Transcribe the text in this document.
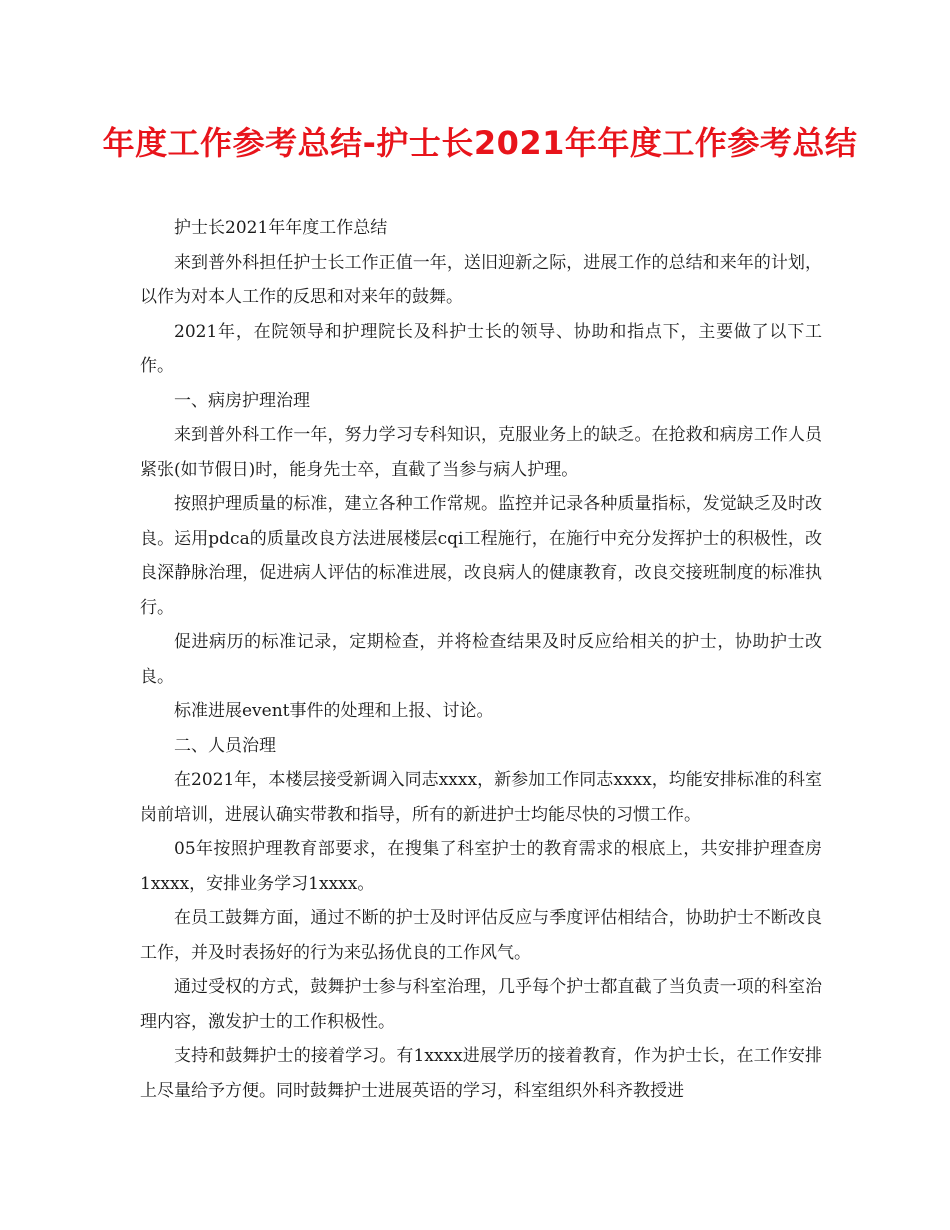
年度工作参考总结-护士长2021年年度工作参考总结

护士长2021年年度工作总结

来到普外科担任护士长工作正值一年，送旧迎新之际，进展工作的总结和来年的计划，以作为对本人工作的反思和对来年的鼓舞。

2021年，在院领导和护理院长及科护士长的领导、协助和指点下，主要做了以下工作。

一、病房护理治理

来到普外科工作一年，努力学习专科知识，克服业务上的缺乏。在抢救和病房工作人员紧张(如节假日)时，能身先士卒，直截了当参与病人护理。

按照护理质量的标准，建立各种工作常规。监控并记录各种质量指标，发觉缺乏及时改良。运用pdca的质量改良方法进展楼层cqi工程施行，在施行中充分发挥护士的积极性，改良深静脉治理，促进病人评估的标准进展，改良病人的健康教育，改良交接班制度的标准执行。

促进病历的标准记录，定期检查，并将检查结果及时反应给相关的护士，协助护士改良。

标准进展event事件的处理和上报、讨论。

二、人员治理

在2021年，本楼层接受新调入同志xxxx，新参加工作同志xxxx，均能安排标准的科室岗前培训，进展认确实带教和指导，所有的新进护士均能尽快的习惯工作。

05年按照护理教育部要求，在搜集了科室护士的教育需求的根底上，共安排护理查房1xxxx，安排业务学习1xxxx。

在员工鼓舞方面，通过不断的护士及时评估反应与季度评估相结合，协助护士不断改良工作，并及时表扬好的行为来弘扬优良的工作风气。

通过受权的方式，鼓舞护士参与科室治理，几乎每个护士都直截了当负责一项的科室治理内容，激发护士的工作积极性。

支持和鼓舞护士的接着学习。有1xxxx进展学历的接着教育，作为护士长，在工作安排上尽量给予方便。同时鼓舞护士进展英语的学习，科室组织外科齐教授进
